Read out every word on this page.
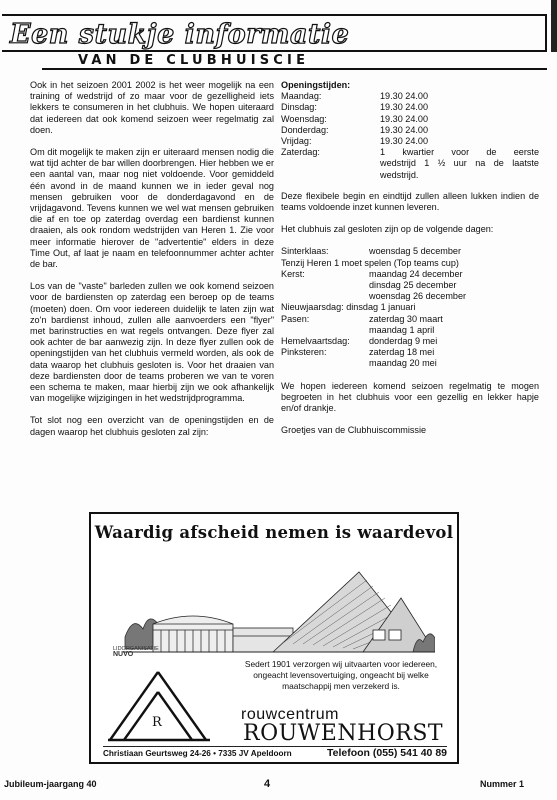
Een stukje informatie
VAN DE CLUBHUISCIE

Ook in het seizoen 2001 2002 is het weer mogelijk na een training of wedstrijd of zo maar voor de gezelligheid iets lekkers te consumeren in het clubhuis. We hopen uiteraard dat iedereen dat ook komend seizoen weer regelmatig zal doen.

Om dit mogelijk te maken zijn er uiteraard mensen nodig die wat tijd achter de bar willen doorbrengen. Hier hebben we er een aantal van, maar nog niet voldoende. Voor gemiddeld één avond in de maand kunnen we in ieder geval nog mensen gebruiken voor de donderdagavond en de vrijdagavond. Tevens kunnen we wel wat mensen gebruiken die af en toe op zaterdag overdag een bardienst kunnen draaien, als ook rondom wedstrijden van Heren 1. Zie voor meer informatie hierover de "advertentie" elders in deze Time Out, af laat je naam en telefoonnummer achter achter de bar.

Los van de "vaste" barleden zullen we ook komend seizoen voor de bardiensten op zaterdag een beroep op de teams (moeten) doen. Om voor iedereen duidelijk te laten zijn wat zo'n bardienst inhoud, zullen alle aanvoerders een "flyer" met barinstructies en wat regels ontvangen. Deze flyer zal ook achter de bar aanwezig zijn. In deze flyer zullen ook de openingstijden van het clubhuis vermeld worden, als ook de data waarop het clubhuis gesloten is. Voor het draaien van deze bardiensten door de teams proberen we van te voren een schema te maken, maar hierbij zijn we ook afhankelijk van mogelijke wijzigingen in het wedstrijdprogramma.

Tot slot nog een overzicht van de openingstijden en de dagen waarop het clubhuis gesloten zal zijn:

Openingstijden:
Maandag:	19.30 24.00
Dinsdag:	19.30 24.00
Woensdag:	19.30 24.00
Donderdag:	19.30 24.00
Vrijdag:	19.30 24.00
Zaterdag:	1 kwartier voor de eerste
wedstrijd 1 ½ uur na de laatste wedstrijd.

Deze flexibele begin en eindtijd zullen alleen lukken indien de teams voldoende inzet kunnen leveren.

Het clubhuis zal gesloten zijn op de volgende dagen:

Sinterklaas:	woensdag 5 december
Tenzij Heren 1 moet spelen (Top teams cup)
Kerst:	maandag 24 december
dinsdag 25 december
woensdag 26 december
Nieuwjaarsdag: dinsdag 1 januari
Pasen:	zaterdag 30 maart
maandag 1 april
Hemelvaartsdag:	donderdag 9 mei
Pinksteren:	zaterdag 18 mei
maandag 20 mei

We hopen iedereen komend seizoen regelmatig te mogen begroeten in het clubhuis voor een gezellig en lekker hapje en/of drankje.

Groetjes van de Clubhuiscommissie

Waardig afscheid nemen is waardevol
LIDORGANISATIE
NUVO
Sedert 1901 verzorgen wij uitvaarten voor iedereen,
ongeacht levensovertuiging, ongeacht bij welke
maatschappij men verzekerd is.
R	rouwcentrum
ROUWENHORST
Christiaan Geurtsweg 24-26 • 7335 JV Apeldoorn	Telefoon (055) 541 40 89
Jubileum-jaargang 40	4	Nummer 1
